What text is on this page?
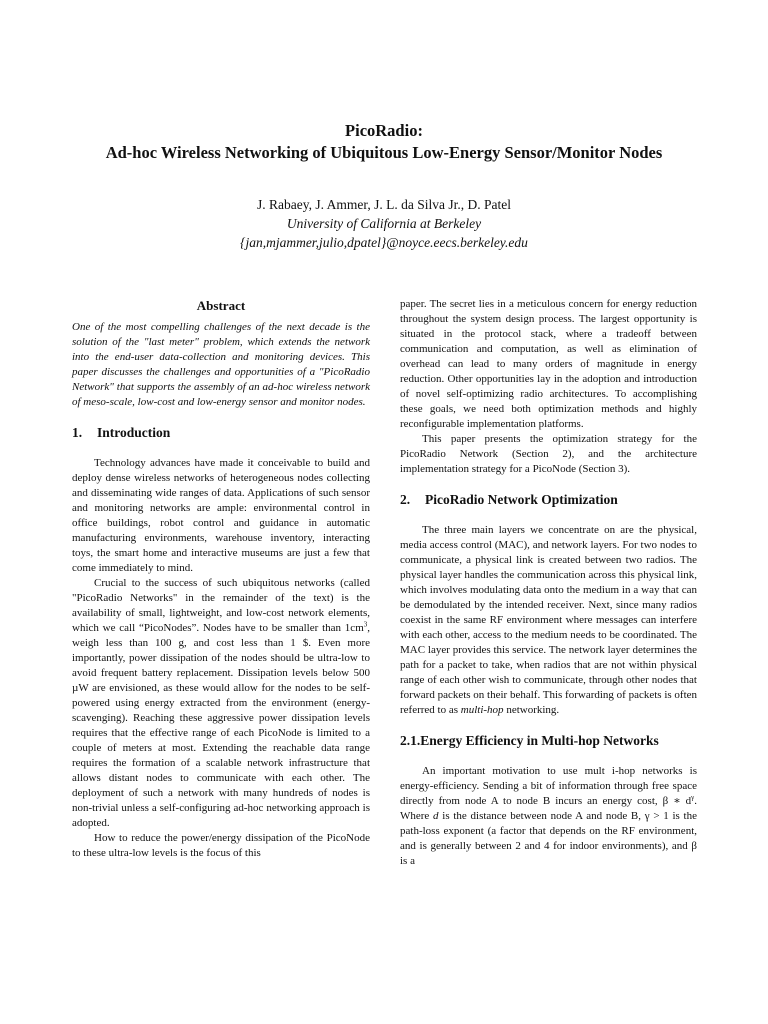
PicoRadio:

Ad-hoc Wireless Networking of Ubiquitous Low-Energy Sensor/Monitor Nodes

J. Rabaey, J. Ammer, J. L. da Silva Jr., D. Patel
University of California at Berkeley
{jan,mjammer,julio,dpatel}@noyce.eecs.berkeley.edu
Abstract

One of the most compelling challenges of the next decade is the solution of the "last meter" problem, which extends the network into the end-user data-collection and monitoring devices. This paper discusses the challenges and opportunities of a "PicoRadio Network" that supports the assembly of an ad-hoc wireless network of meso-scale, low-cost and low-energy sensor and monitor nodes.

1. Introduction

Technology advances have made it conceivable to build and deploy dense wireless networks of heterogeneous nodes collecting and disseminating wide ranges of data. Applications of such sensor and monitoring networks are ample: environmental control in office buildings, robot control and guidance in automatic manufacturing environments, warehouse inventory, interacting toys, the smart home and interactive museums are just a few that come immediately to mind.

Crucial to the success of such ubiquitous networks (called "PicoRadio Networks" in the remainder of the text) is the availability of small, lightweight, and low-cost network elements, which we call “PicoNodes”. Nodes have to be smaller than $1cm^3$, weigh less than 100 g, and cost less than 1 $. Even more importantly, power dissipation of the nodes should be ultra-low to avoid frequent battery replacement. Dissipation levels below 500 µW are envisioned, as these would allow for the nodes to be self-powered using energy extracted from the environment (energy-scavenging). Reaching these aggressive power dissipation levels requires that the effective range of each PicoNode is limited to a couple of meters at most. Extending the reachable data range requires the formation of a scalable network infrastructure that allows distant nodes to communicate with each other. The deployment of such a network with many hundreds of nodes is non-trivial unless a self-configuring ad-hoc networking approach is adopted.

How to reduce the power/energy dissipation of the PicoNode to these ultra-low levels is the focus of this

paper. The secret lies in a meticulous concern for energy reduction throughout the system design process. The largest opportunity is situated in the protocol stack, where a tradeoff between communication and computation, as well as elimination of overhead can lead to many orders of magnitude in energy reduction. Other opportunities lay in the adoption and introduction of novel self-optimizing radio architectures. To accomplishing these goals, we need both optimization methods and highly reconfigurable implementation platforms.

This paper presents the optimization strategy for the PicoRadio Network (Section 2), and the architecture implementation strategy for a PicoNode (Section 3).

2. PicoRadio Network Optimization

The three main layers we concentrate on are the physical, media access control (MAC), and network layers. For two nodes to communicate, a physical link is created between two radios. The physical layer handles the communication across this physical link, which involves modulating data onto the medium in a way that can be demodulated by the intended receiver. Next, since many radios coexist in the same RF environment where messages can interfere with each other, access to the medium needs to be coordinated. The MAC layer provides this service. The network layer determines the path for a packet to take, when radios that are not within physical range of each other wish to communicate, through other nodes that forward packets on their behalf. This forwarding of packets is often referred to as multi-hop networking.

2.1.Energy Efficiency in Multi-hop Networks

An important motivation to use mult i-hop networks is energy-efficiency. Sending a bit of information through free space directly from node A to node B incurs an energy cost, β ∗ $d^\gamma$. Where d is the distance between node A and node B, γ > 1 is the path-loss exponent (a factor that depends on the RF environment, and is generally between 2 and 4 for indoor environments), and β is a
